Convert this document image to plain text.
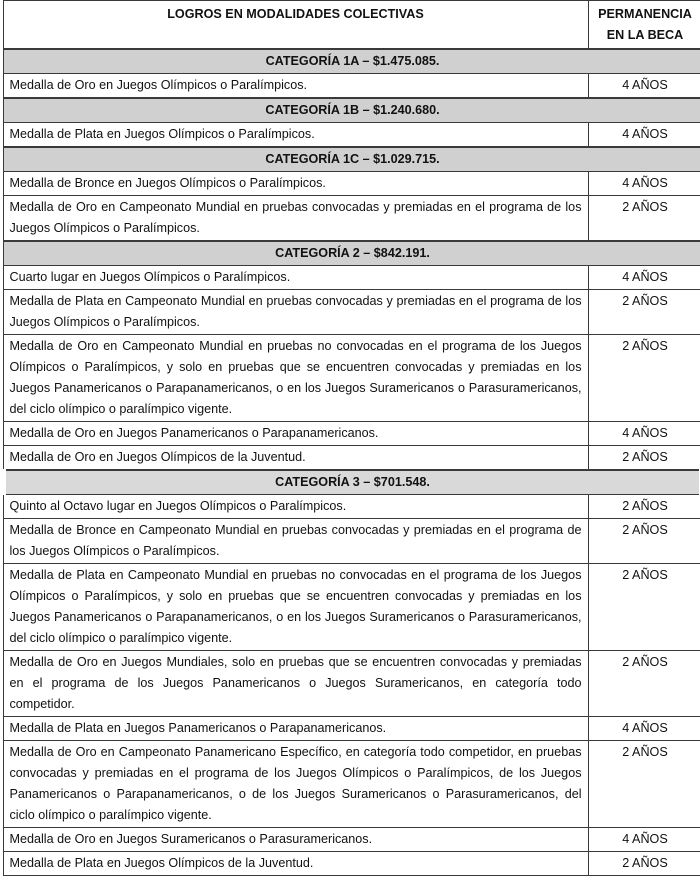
LOGROS EN MODALIDADES COLECTIVAS	PERMANENCIA
EN LA BECA
CATEGORÍA 1A – $1.475.085.	
Medalla de Oro en Juegos Olímpicos o Paralímpicos.	4 AÑOS
CATEGORÍA 1B – $1.240.680.	
Medalla de Plata en Juegos Olímpicos o Paralímpicos.	4 AÑOS
CATEGORÍA 1C – $1.029.715.	
Medalla de Bronce en Juegos Olímpicos o Paralímpicos.	4 AÑOS
Medalla de Oro en Campeonato Mundial en pruebas convocadas y premiadas en el programa de los Juegos Olímpicos o Paralímpicos.	2 AÑOS
CATEGORÍA 2 – $842.191.	
Cuarto lugar en Juegos Olímpicos o Paralímpicos.	4 AÑOS
Medalla de Plata en Campeonato Mundial en pruebas convocadas y premiadas en el programa de los Juegos Olímpicos o Paralímpicos.	2 AÑOS
Medalla de Oro en Campeonato Mundial en pruebas no convocadas en el programa de los Juegos Olímpicos o Paralímpicos, y solo en pruebas que se encuentren convocadas y premiadas en los Juegos Panamericanos o Parapanamericanos, o en los Juegos Suramericanos o Parasuramericanos, del ciclo olímpico o paralímpico vigente.	2 AÑOS
Medalla de Oro en Juegos Panamericanos o Parapanamericanos.	4 AÑOS
Medalla de Oro en Juegos Olímpicos de la Juventud.	2 AÑOS
CATEGORÍA 3 – $701.548.	
Quinto al Octavo lugar en Juegos Olímpicos o Paralímpicos.	2 AÑOS
Medalla de Bronce en Campeonato Mundial en pruebas convocadas y premiadas en el programa de los Juegos Olímpicos o Paralímpicos.	2 AÑOS
Medalla de Plata en Campeonato Mundial en pruebas no convocadas en el programa de los Juegos Olímpicos o Paralímpicos, y solo en pruebas que se encuentren convocadas y premiadas en los Juegos Panamericanos o Parapanamericanos, o en los Juegos Suramericanos o Parasuramericanos, del ciclo olímpico o paralímpico vigente.	2 AÑOS
Medalla de Oro en Juegos Mundiales, solo en pruebas que se encuentren convocadas y premiadas en el programa de los Juegos Panamericanos o Juegos Suramericanos, en categoría todo competidor.	2 AÑOS
Medalla de Plata en Juegos Panamericanos o Parapanamericanos.	4 AÑOS
Medalla de Oro en Campeonato Panamericano Específico, en categoría todo competidor, en pruebas convocadas y premiadas en el programa de los Juegos Olímpicos o Paralímpicos, de los Juegos Panamericanos o Parapanamericanos, o de los Juegos Suramericanos o Parasuramericanos, del ciclo olímpico o paralímpico vigente.	2 AÑOS
Medalla de Oro en Juegos Suramericanos o Parasuramericanos.	4 AÑOS
Medalla de Plata en Juegos Olímpicos de la Juventud.	2 AÑOS
